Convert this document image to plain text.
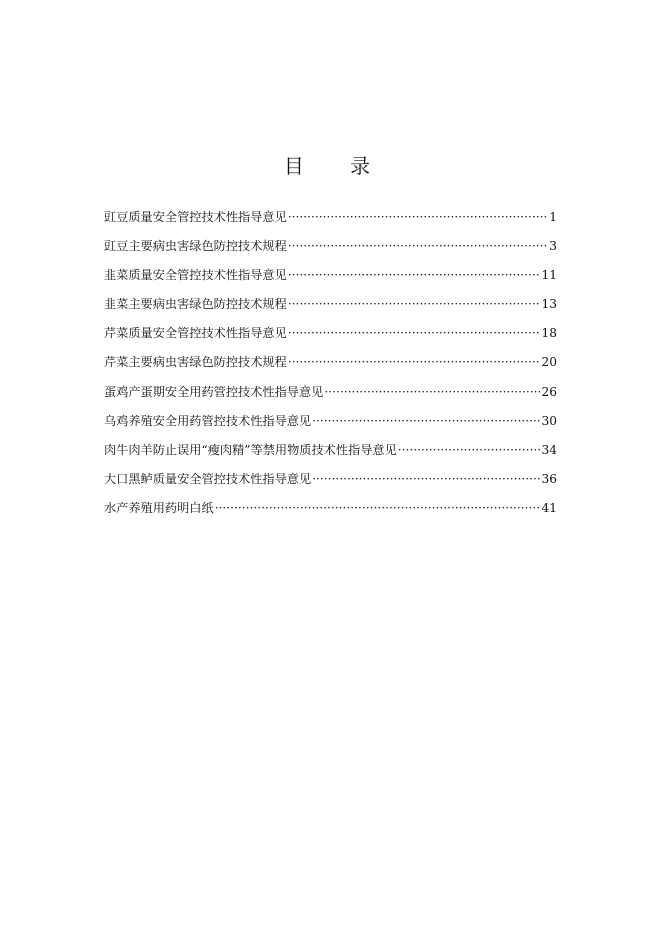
目 录
豇豆质量安全管控技术性指导意见 ·····	1
豇豆主要病虫害绿色防控技术规程 ·····	3
韭菜质量安全管控技术性指导意见 ·····	11
韭菜主要病虫害绿色防控技术规程 ·····	13
芹菜质量安全管控技术性指导意见 ·····	18
芹菜主要病虫害绿色防控技术规程 ·····	20
蛋鸡产蛋期安全用药管控技术性指导意见 ·····	26
乌鸡养殖安全用药管控技术性指导意见 ·····	30
肉牛肉羊防止误用“瘦肉精”等禁用物质技术性指导意见 ·····	34
大口黑鲈质量安全管控技术性指导意见 ·····	36
水产养殖用药明白纸 ·····	41
